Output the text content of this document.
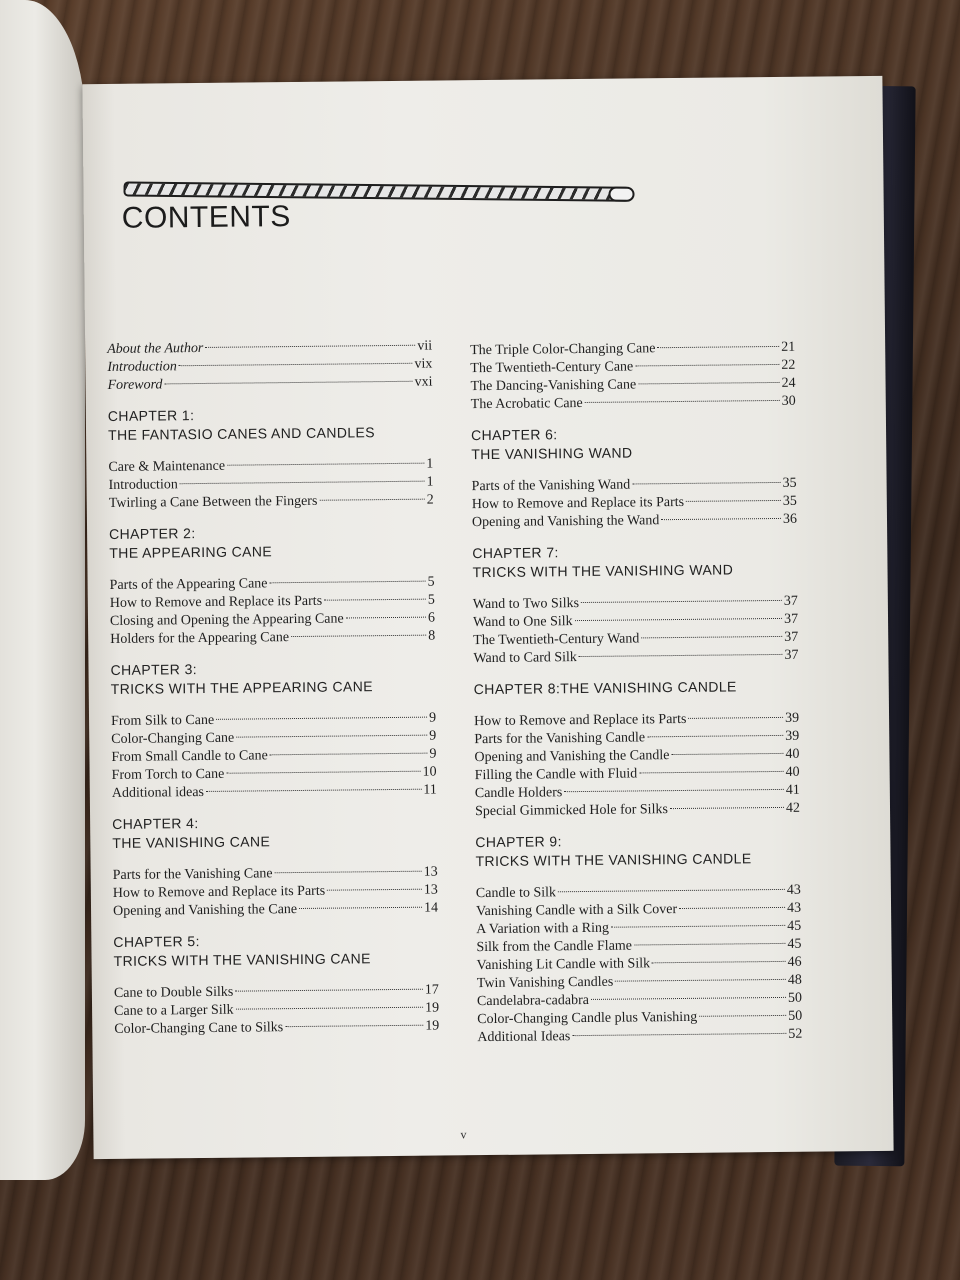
CONTENTS
About the Author	vii
Introduction	vix
Foreword	vxi
CHAPTER 1:
THE FANTASIO CANES AND CANDLES
Care & Maintenance	1
Introduction	1
Twirling a Cane Between the Fingers	2
CHAPTER 2:
THE APPEARING CANE
Parts of the Appearing Cane	5
How to Remove and Replace its Parts	5
Closing and Opening the Appearing Cane	6
Holders for the Appearing Cane	8
CHAPTER 3:
TRICKS WITH THE APPEARING CANE
From Silk to Cane	9
Color-Changing Cane	9
From Small Candle to Cane	9
From Torch to Cane	10
Additional ideas	11
CHAPTER 4:
THE VANISHING CANE
Parts for the Vanishing Cane	13
How to Remove and Replace its Parts	13
Opening and Vanishing the Cane	14
CHAPTER 5:
TRICKS WITH THE VANISHING CANE
Cane to Double Silks	17
Cane to a Larger Silk	19
Color-Changing Cane to Silks	19
The Triple Color-Changing Cane	21
The Twentieth-Century Cane	22
The Dancing-Vanishing Cane	24
The Acrobatic Cane	30
CHAPTER 6:
THE VANISHING WAND
Parts of the Vanishing Wand	35
How to Remove and Replace its Parts	35
Opening and Vanishing the Wand	36
CHAPTER 7:
TRICKS WITH THE VANISHING WAND
Wand to Two Silks	37
Wand to One Silk	37
The Twentieth-Century Wand	37
Wand to Card Silk	37
CHAPTER 8:THE VANISHING CANDLE
How to Remove and Replace its Parts	39
Parts for the Vanishing Candle	39
Opening and Vanishing the Candle	40
Filling the Candle with Fluid	40
Candle Holders	41
Special Gimmicked Hole for Silks	42
CHAPTER 9:
TRICKS WITH THE VANISHING CANDLE
Candle to Silk	43
Vanishing Candle with a Silk Cover	43
A Variation with a Ring	45
Silk from the Candle Flame	45
Vanishing Lit Candle with Silk	46
Twin Vanishing Candles	48
Candelabra-cadabra	50
Color-Changing Candle plus Vanishing	50
Additional Ideas	52
v
